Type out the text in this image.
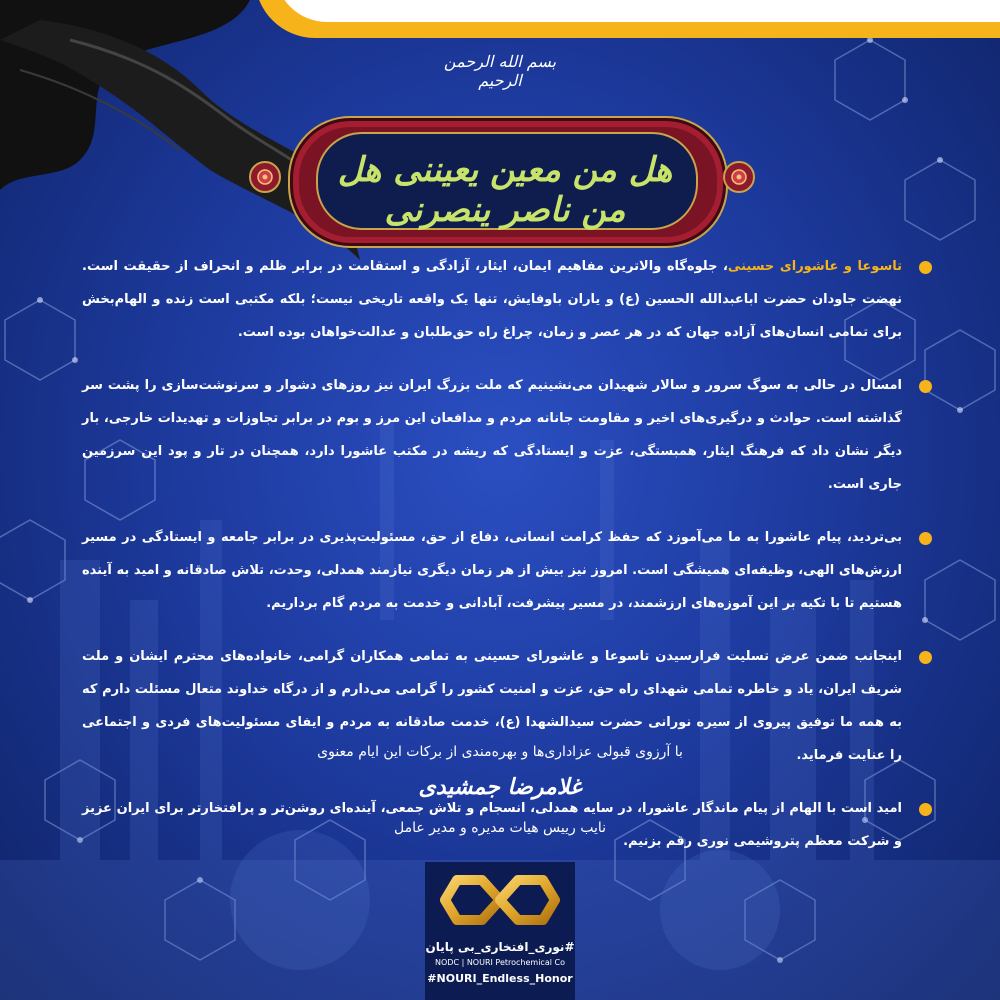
بسم الله الرحمن الرحیم
هل من معین یعیننی هل من ناصر ینصرنی
تاسوعا و عاشورای حسینی، جلوه‌گاه والاترین مفاهیم ایمان، ایثار، آزادگی و استقامت در برابر ظلم و انحراف از حقیقت است. نهضت جاودان حضرت اباعبدالله الحسین (ع) و یاران باوفایش، تنها یک واقعه تاریخی نیست؛ بلکه مکتبی است زنده و الهام‌بخش برای تمامی انسان‌های آزاده جهان که در هر عصر و زمان، چراغ راه حق‌طلبان و عدالت‌خواهان بوده است.
امسال در حالی به سوگ سرور و سالار شهیدان می‌نشینیم که ملت بزرگ ایران نیز روزهای دشوار و سرنوشت‌سازی را پشت سر گذاشته است. حوادث و درگیری‌های اخیر و مقاومت جانانه مردم و مدافعان این مرز و بوم در برابر تجاوزات و تهدیدات خارجی، بار دیگر نشان داد که فرهنگ ایثار، همبستگی، عزت و ایستادگی که ریشه در مکتب عاشورا دارد، همچنان در تار و پود این سرزمین جاری است.
بی‌تردید، پیام عاشورا به ما می‌آموزد که حفظ کرامت انسانی، دفاع از حق، مسئولیت‌پذیری در برابر جامعه و ایستادگی در مسیر ارزش‌های الهی، وظیفه‌ای همیشگی است. امروز نیز بیش از هر زمان دیگری نیازمند همدلی، وحدت، تلاش صادقانه و امید به آینده هستیم تا با تکیه بر این آموزه‌های ارزشمند، در مسیر پیشرفت، آبادانی و خدمت به مردم گام برداریم.
اینجانب ضمن عرض تسلیت فرارسیدن تاسوعا و عاشورای حسینی به تمامی همکاران گرامی، خانواده‌های محترم ایشان و ملت شریف ایران، یاد و خاطره تمامی شهدای راه حق، عزت و امنیت کشور را گرامی می‌دارم و از درگاه خداوند متعال مسئلت دارم که به همه ما توفیق پیروی از سیره نورانی حضرت سیدالشهدا (ع)، خدمت صادقانه به مردم و ایفای مسئولیت‌های فردی و اجتماعی را عنایت فرماید.
امید است با الهام از پیام ماندگار عاشورا، در سایه همدلی، انسجام و تلاش جمعی، آینده‌ای روشن‌تر و پرافتخارتر برای ایران عزیز و شرکت معظم پتروشیمی نوری رقم بزنیم.
با آرزوی قبولی عزاداری‌ها و بهره‌مندی از برکات این ایام معنوی
غلامرضا جمشیدی
نایب رییس هیات مدیره و مدیر عامل
#نوری_افتخاری_بی پایان
NODC | NOURI Petrochemical Co
#NOURI_Endless_Honor
